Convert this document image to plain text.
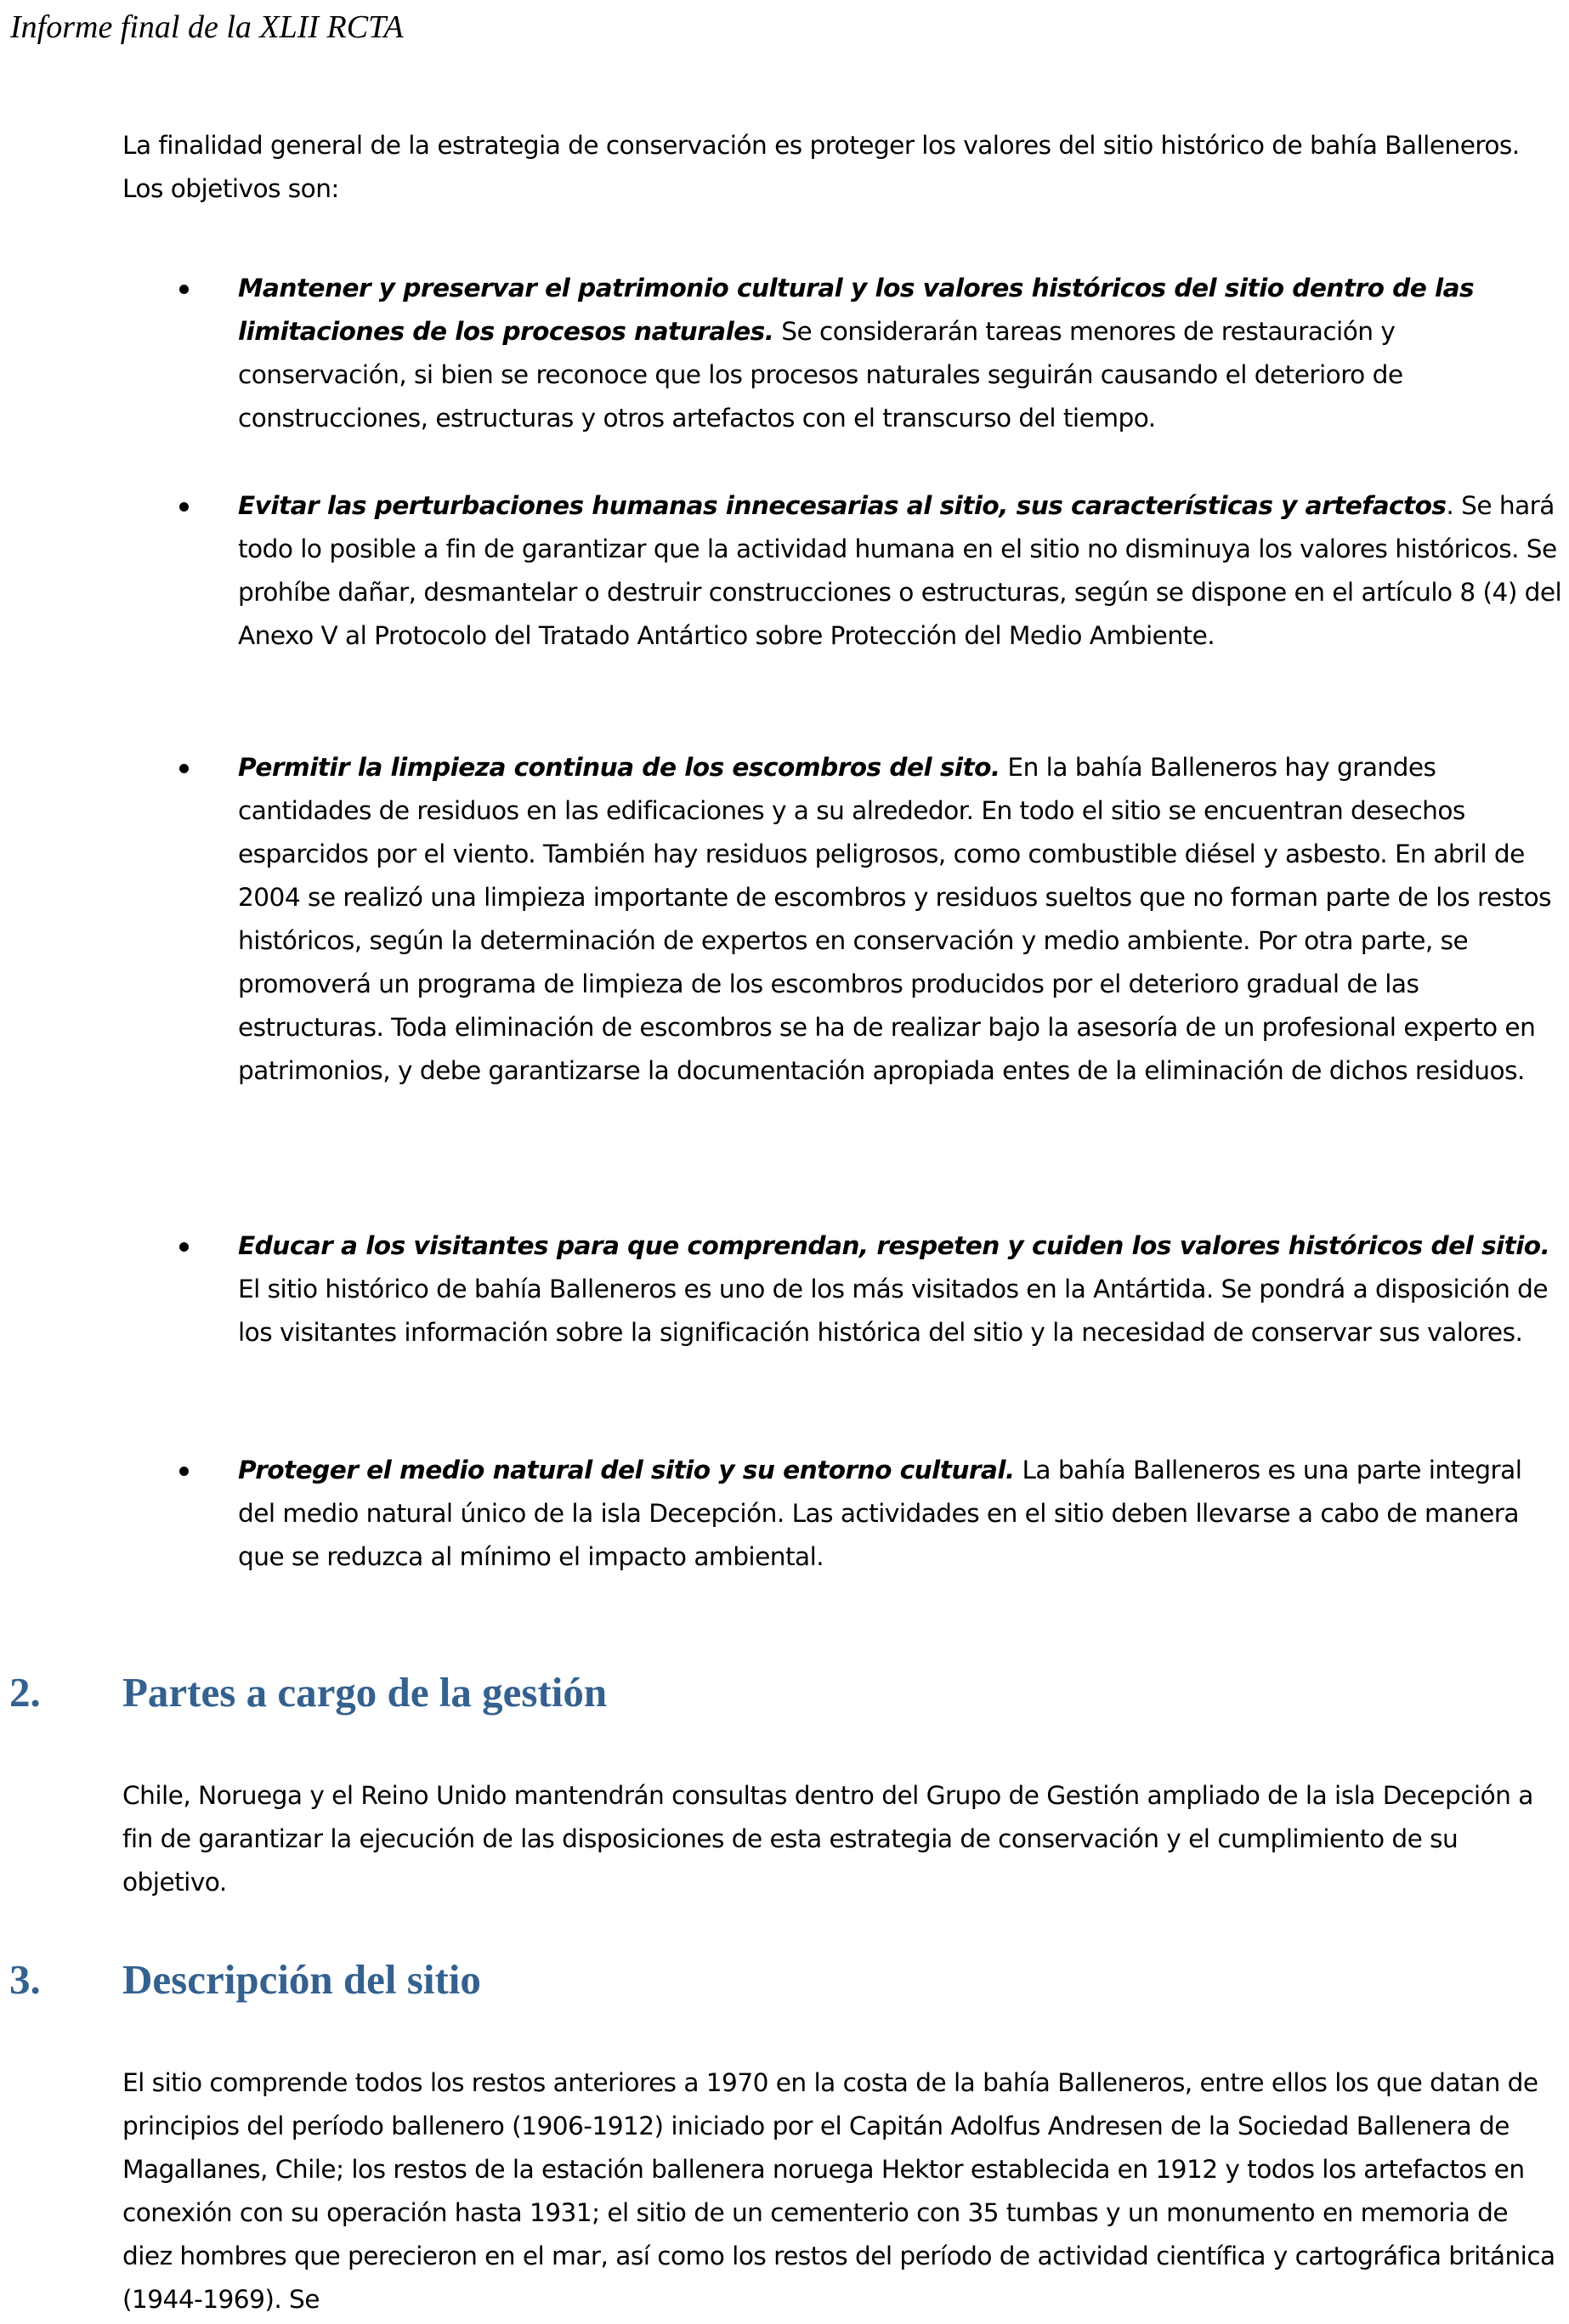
Informe final de la XLII RCTA

La finalidad general de la estrategia de conservación es proteger los valores del sitio histórico de bahía Balleneros. Los objetivos son:

Mantener y preservar el patrimonio cultural y los valores históricos del sitio dentro de las limitaciones de los procesos naturales. Se considerarán tareas menores de restauración y conservación, si bien se reconoce que los procesos naturales seguirán causando el deterioro de construcciones, estructuras y otros artefactos con el transcurso del tiempo.
Evitar las perturbaciones humanas innecesarias al sitio, sus características y artefactos. Se hará todo lo posible a fin de garantizar que la actividad humana en el sitio no disminuya los valores históricos. Se prohíbe dañar, desmantelar o destruir construcciones o estructuras, según se dispone en el artículo 8 (4) del Anexo V al Protocolo del Tratado Antártico sobre Protección del Medio Ambiente.
Permitir la limpieza continua de los escombros del sito. En la bahía Balleneros hay grandes cantidades de residuos en las edificaciones y a su alrededor. En todo el sitio se encuentran desechos esparcidos por el viento. También hay residuos peligrosos, como combustible diésel y asbesto. En abril de 2004 se realizó una limpieza importante de escombros y residuos sueltos que no forman parte de los restos históricos, según la determinación de expertos en conservación y medio ambiente. Por otra parte, se promoverá un programa de limpieza de los escombros producidos por el deterioro gradual de las estructuras. Toda eliminación de escombros se ha de realizar bajo la asesoría de un profesional experto en patrimonios, y debe garantizarse la documentación apropiada entes de la eliminación de dichos residuos.
Educar a los visitantes para que comprendan, respeten y cuiden los valores históricos del sitio. El sitio histórico de bahía Balleneros es uno de los más visitados en la Antártida. Se pondrá a disposición de los visitantes información sobre la significación histórica del sitio y la necesidad de conservar sus valores.
Proteger el medio natural del sitio y su entorno cultural. La bahía Balleneros es una parte integral del medio natural único de la isla Decepción. Las actividades en el sitio deben llevarse a cabo de manera que se reduzca al mínimo el impacto ambiental.
2. Partes a cargo de la gestión

Chile, Noruega y el Reino Unido mantendrán consultas dentro del Grupo de Gestión ampliado de la isla Decepción a fin de garantizar la ejecución de las disposiciones de esta estrategia de conservación y el cumplimiento de su objetivo.

3. Descripción del sitio

El sitio comprende todos los restos anteriores a 1970 en la costa de la bahía Balleneros, entre ellos los que datan de principios del período ballenero (1906-1912) iniciado por el Capitán Adolfus Andresen de la Sociedad Ballenera de Magallanes, Chile; los restos de la estación ballenera noruega Hektor establecida en 1912 y todos los artefactos en conexión con su operación hasta 1931; el sitio de un cementerio con 35 tumbas y un monumento en memoria de diez hombres que perecieron en el mar, así como los restos del período de actividad científica y cartográfica británica (1944-1969). Se
